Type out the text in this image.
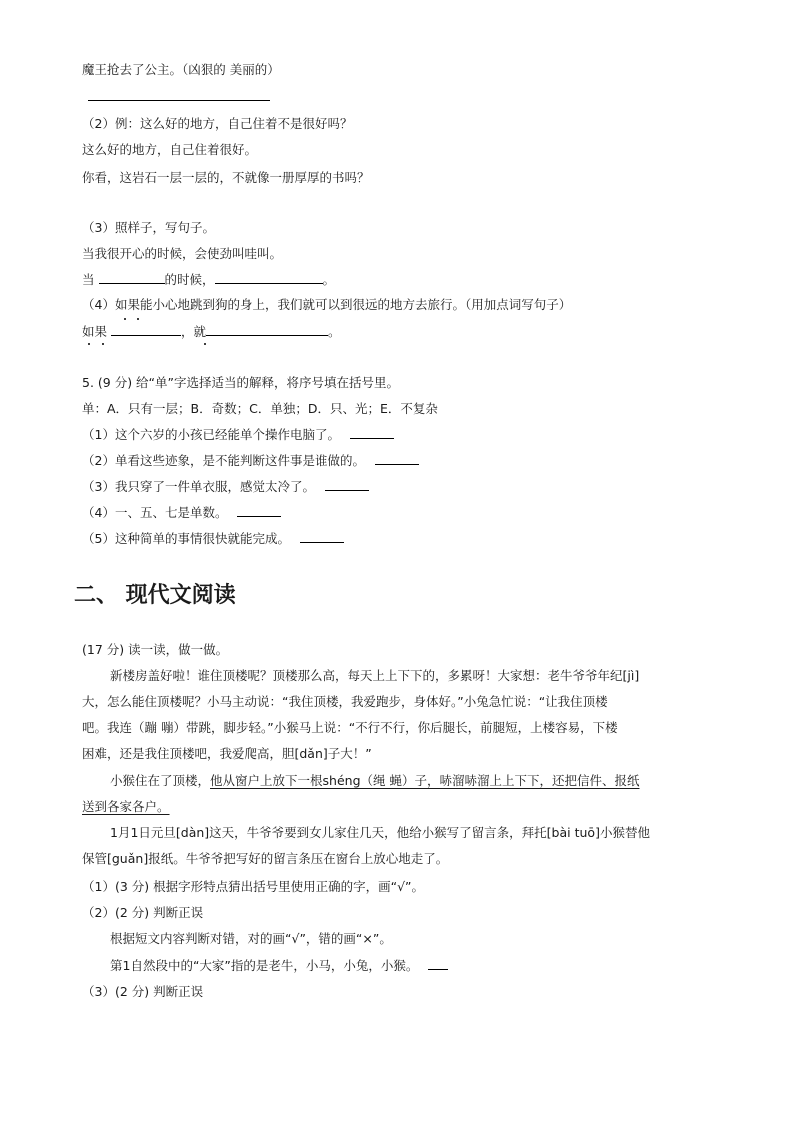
魔王抢去了公主。（凶狠的 美丽的）
（2）例：这么好的地方，自己住着不是很好吗？
这么好的地方，自己住着很好。
你看，这岩石一层一层的，不就像一册厚厚的书吗？
（3）照样子，写句子。
当我很开心的时候，会使劲叫哇叫。
当	的时候，	。
（4）如果能小心地跳到狗的身上，我们就可以到很远的地方去旅行。（用加点词写句子）
如果	，就	。
5. (9 分) 给“单”字选择适当的解释，将序号填在括号里。
单：A．只有一层；B．奇数；C．单独；D．只、光；E．不复杂
（1）这个六岁的小孩已经能单个操作电脑了。
（2）单看这些迹象，是不能判断这件事是谁做的。
（3）我只穿了一件单衣服，感觉太冷了。
（4）一、五、七是单数。
（5）这种简单的事情很快就能完成。
二、 现代文阅读
(17 分) 读一读，做一做。
新楼房盖好啦！谁住顶楼呢？顶楼那么高，每天上上下下的，多累呀！大家想：老牛爷爷年纪[jì]
大，怎么能住顶楼呢？小马主动说：“我住顶楼，我爱跑步，身体好。”小兔急忙说：“让我住顶楼
吧。我连（蹦 嘣）带跳，脚步轻。”小猴马上说：“不行不行，你后腿长，前腿短，上楼容易，下楼
困难，还是我住顶楼吧，我爱爬高，胆[dǎn]子大！”
小猴住在了顶楼，他从窗户上放下一根shéng（绳 蝇）子，哧溜哧溜上上下下，还把信件、报纸
送到各家各户。
1月1日元旦[dàn]这天，牛爷爷要到女儿家住几天，他给小猴写了留言条，拜托[bài tuō]小猴替他
保管[guǎn]报纸。牛爷爷把写好的留言条压在窗台上放心地走了。
（1）(3 分) 根据字形特点猜出括号里使用正确的字，画“√”。
（2）(2 分) 判断正误
根据短文内容判断对错，对的画“√”，错的画“×”。
第1自然段中的“大家”指的是老牛，小马，小兔，小猴。
（3）(2 分) 判断正误
